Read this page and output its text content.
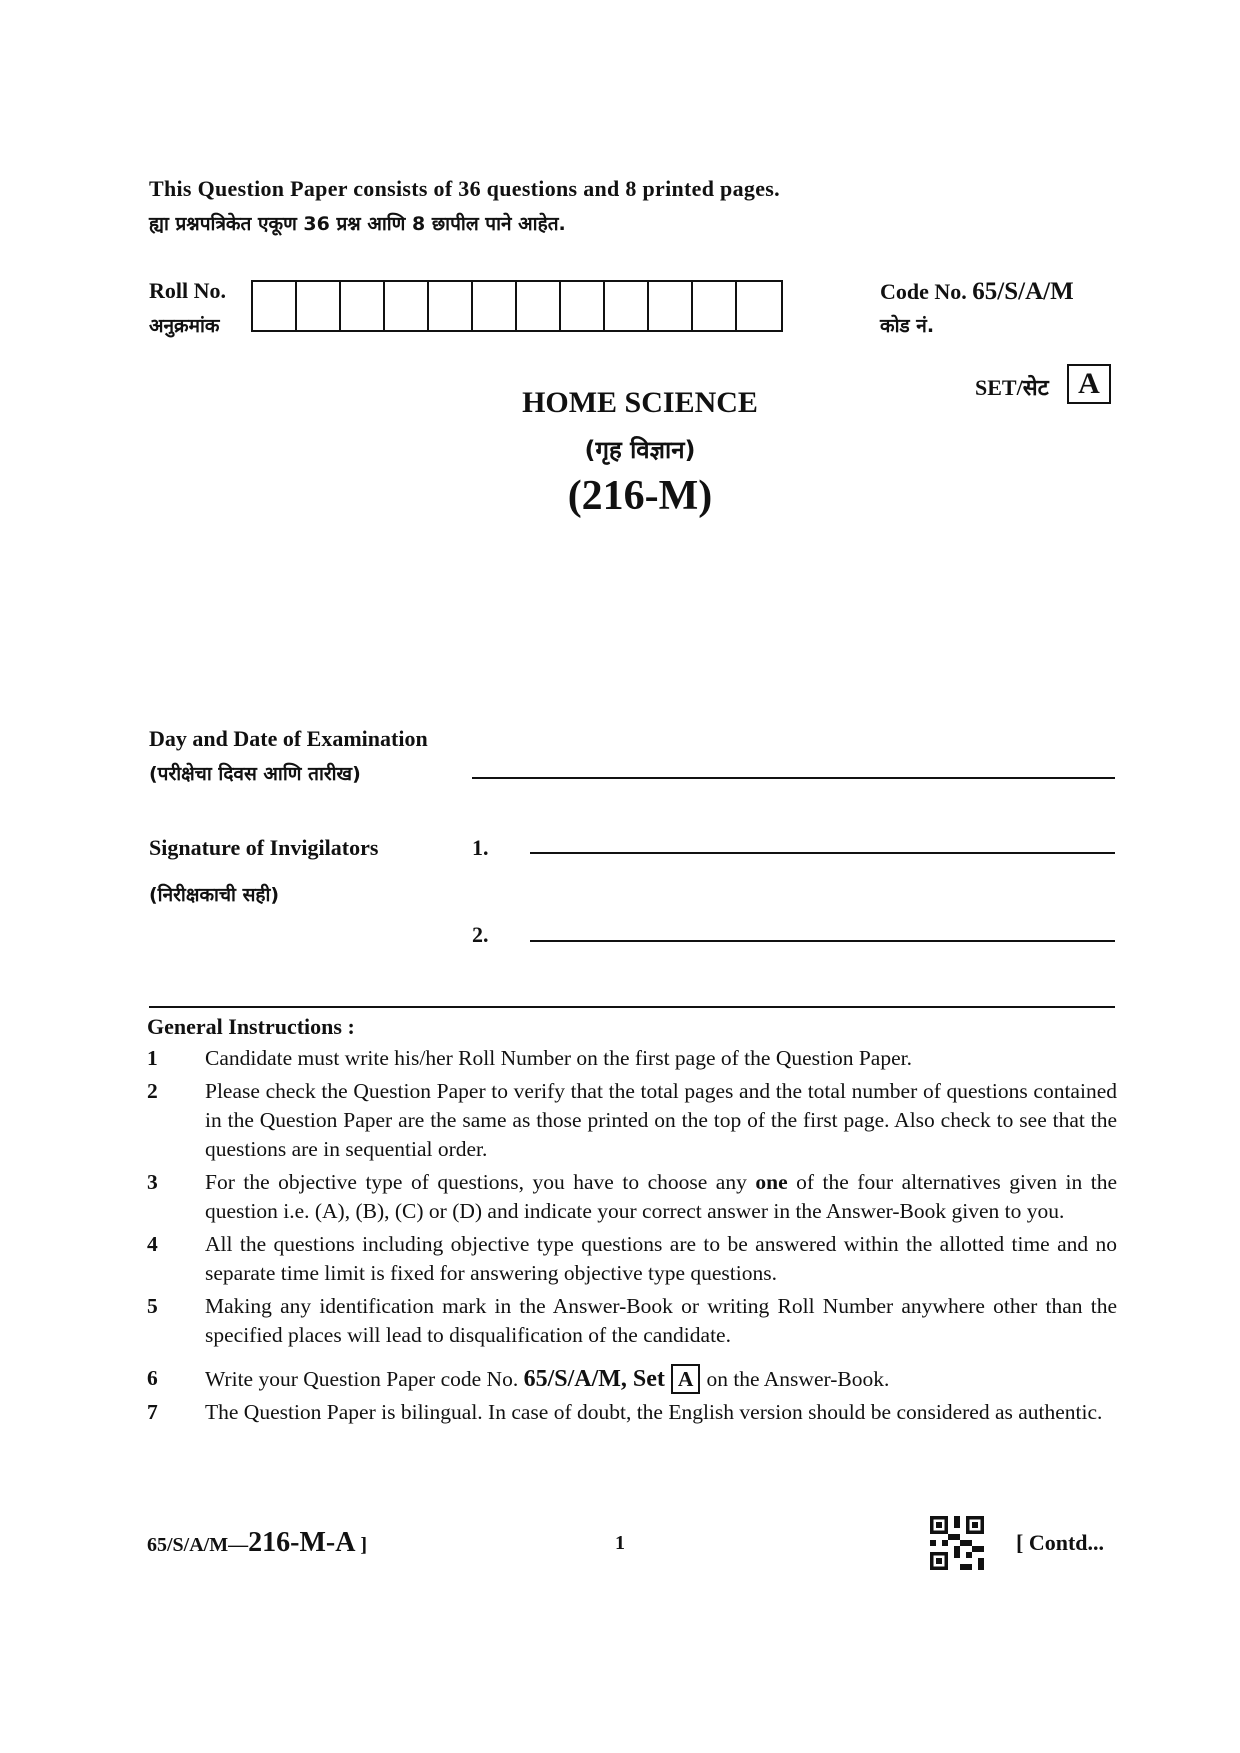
This Question Paper consists of 36 questions and 8 printed pages.
ह्या प्रश्नपत्रिकेत एकूण 36 प्रश्न आणि 8 छापील पाने आहेत.
Roll No.
अनुक्रमांक
Code No. 65/S/A/M
कोड नं.
SET/सेट A
HOME SCIENCE
(गृह विज्ञान)
(216-M)
Day and Date of Examination
(परीक्षेचा दिवस आणि तारीख)
Signature of Invigilators
(निरीक्षकाची सही)
1.
2.
General Instructions :
1	Candidate must write his/her Roll Number on the first page of the Question Paper.
2	Please check the Question Paper to verify that the total pages and the total number of questions contained in the Question Paper are the same as those printed on the top of the first page. Also check to see that the questions are in sequential order.
3	For the objective type of questions, you have to choose any one of the four alternatives given in the question i.e. (A), (B), (C) or (D) and indicate your correct answer in the Answer-Book given to you.
4	All the questions including objective type questions are to be answered within the allotted time and no separate time limit is fixed for answering objective type questions.
5	Making any identification mark in the Answer-Book or writing Roll Number anywhere other than the specified places will lead to disqualification of the candidate.
6	Write your Question Paper code No. 65/S/A/M, Set A on the Answer-Book.
7	The Question Paper is bilingual. In case of doubt, the English version should be considered as authentic.
65/S/A/M—216-M-A ]	1	[ Contd...
